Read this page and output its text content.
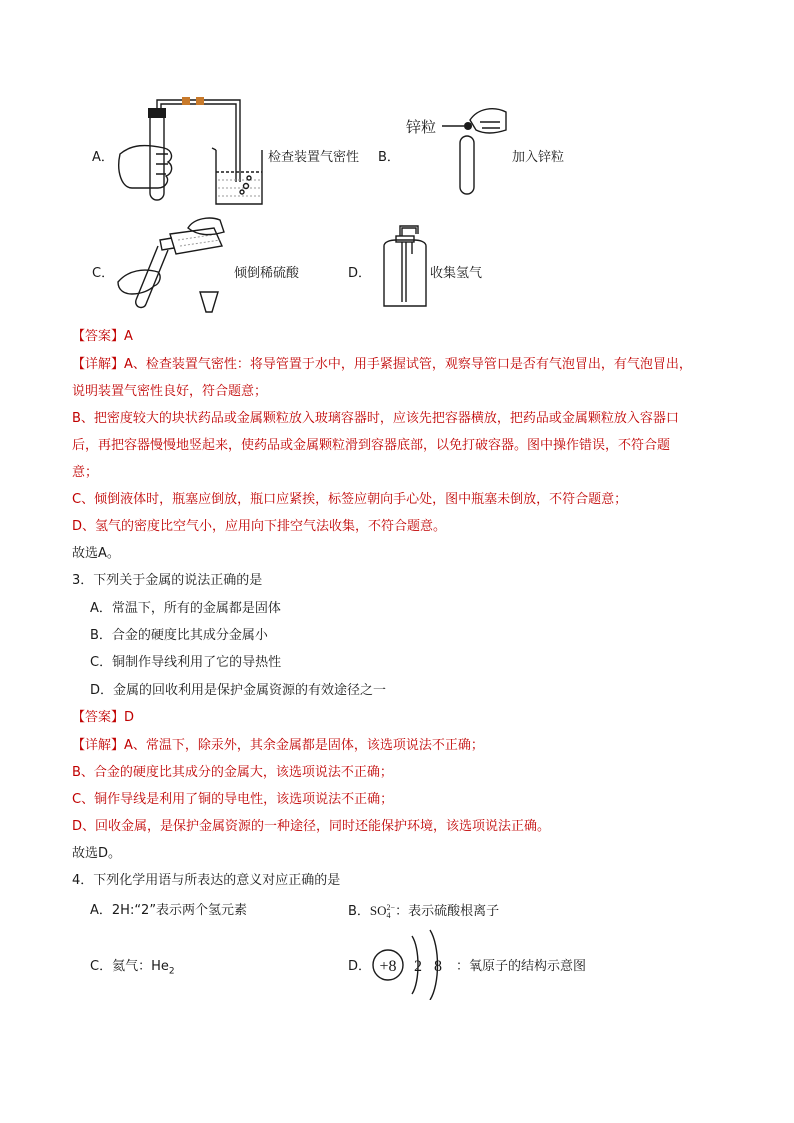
A．	检查装置气密性 B．
锌粒
加入锌粒
C．	倾倒稀硫酸	D．	收集氢气
【答案】A
【详解】A、检查装置气密性：将导管置于水中，用手紧握试管，观察导管口是否有气泡冒出，有气泡冒出，
说明装置气密性良好，符合题意；
B、把密度较大的块状药品或金属颗粒放入玻璃容器时，应该先把容器横放，把药品或金属颗粒放入容器口
后，再把容器慢慢地竖起来，使药品或金属颗粒滑到容器底部，以免打破容器。图中操作错误，不符合题
意；
C、倾倒液体时，瓶塞应倒放，瓶口应紧挨，标签应朝向手心处，图中瓶塞未倒放，不符合题意；
D、氢气的密度比空气小，应用向下排空气法收集，不符合题意。
故选A。
3．下列关于金属的说法正确的是
A．常温下，所有的金属都是固体
B．合金的硬度比其成分金属小
C．铜制作导线利用了它的导热性
D．金属的回收利用是保护金属资源的有效途径之一
【答案】D
【详解】A、常温下，除汞外，其余金属都是固体，该选项说法不正确；
B、合金的硬度比其成分的金属大，该选项说法不正确；
C、铜作导线是利用了铜的导电性，该选项说法不正确；
D、回收金属，是保护金属资源的一种途径，同时还能保护环境，该选项说法正确。
故选D。
4．下列化学用语与所表达的意义对应正确的是
A．2H:“2”表示两个氢元素	B．SO 2−
4 ：表示硫酸根离子
C．氦气：$He_2$	D． +8 2 8 ：氧原子的结构示意图
